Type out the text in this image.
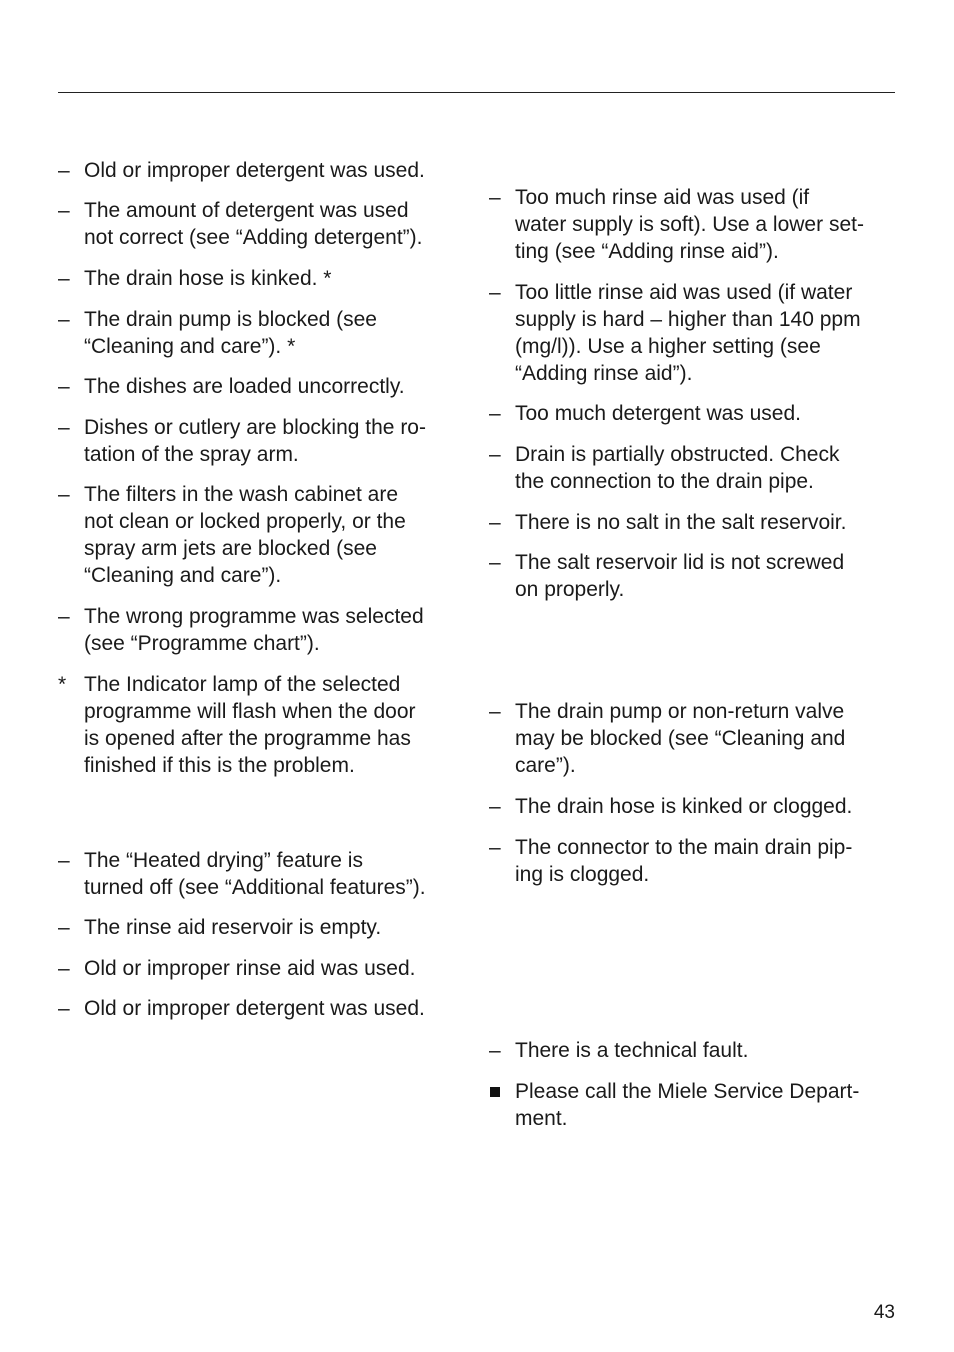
–
Old or improper detergent was used.
–
The amount of detergent was used
not correct (see “Adding detergent”).
–
The drain hose is kinked. *
–
The drain pump is blocked (see
“Cleaning and care”). *
–
The dishes are loaded uncorrectly.
–
Dishes or cutlery are blocking the ro-
tation of the spray arm.
–
The filters in the wash cabinet are
not clean or locked properly, or the
spray arm jets are blocked (see
“Cleaning and care”).
–
The wrong programme was selected
(see “Programme chart”).
*
The Indicator lamp of the selected
programme will flash when the door
is opened after the programme has
finished if this is the problem.
–
The “Heated drying” feature is
turned off (see “Additional features”).
–
The rinse aid reservoir is empty.
–
Old or improper rinse aid was used.
–
Old or improper detergent was used.
–
Too much rinse aid was used (if
water supply is soft). Use a lower set-
ting (see “Adding rinse aid”).
–
Too little rinse aid was used (if water
supply is hard – higher than 140 ppm
(mg/l)). Use a higher setting (see
“Adding rinse aid”).
–
Too much detergent was used.
–
Drain is partially obstructed. Check
the connection to the drain pipe.
–
There is no salt in the salt reservoir.
–
The salt reservoir lid is not screwed
on properly.
–
The drain pump or non-return valve
may be blocked (see “Cleaning and
care”).
–
The drain hose is kinked or clogged.
–
The connector to the main drain pip-
ing is clogged.
–
There is a technical fault.
Please call the Miele Service Depart-
ment.
43
